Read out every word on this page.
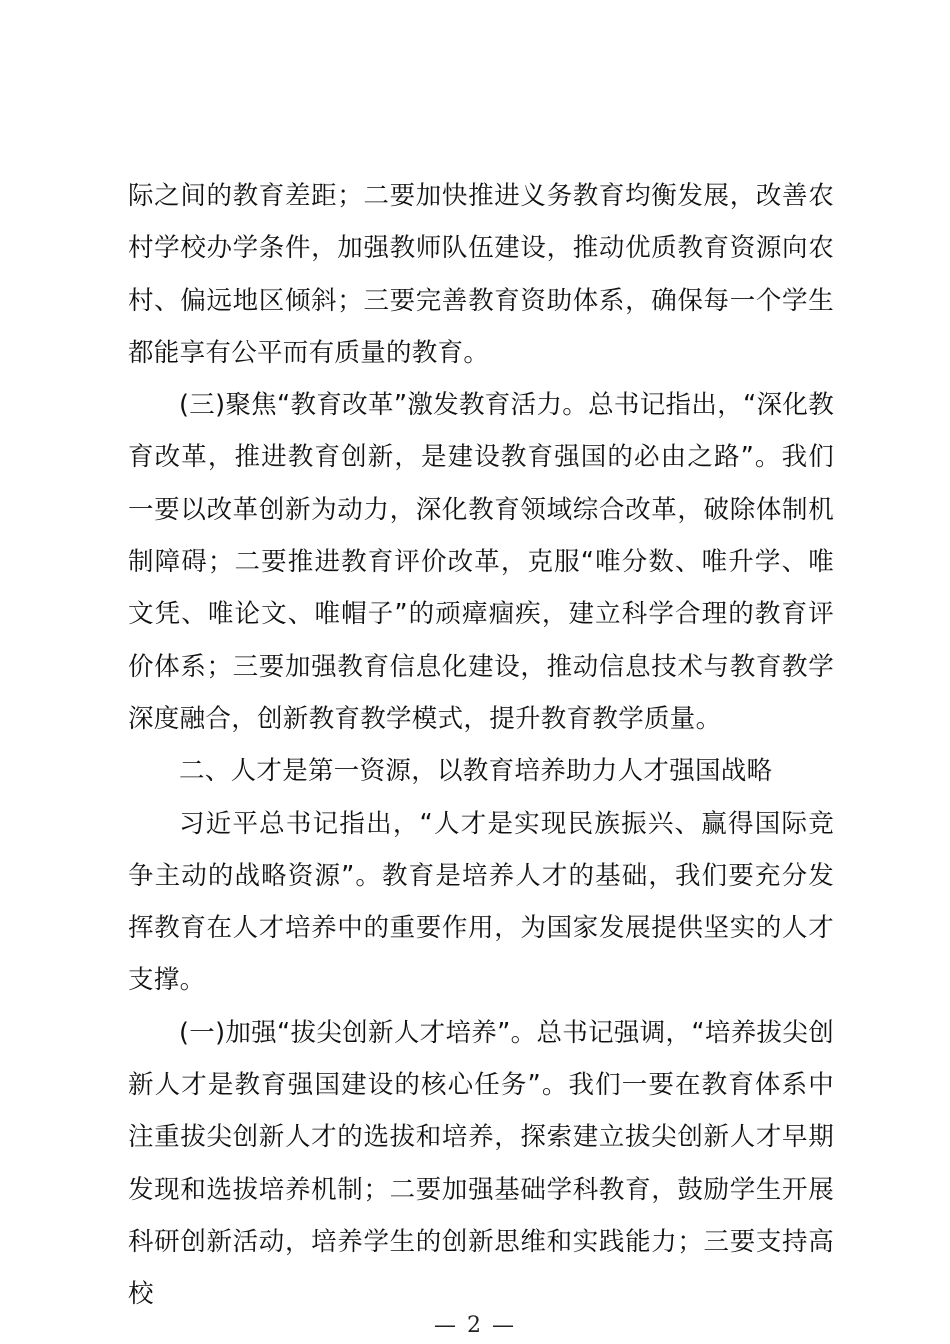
际之间的教育差距；二要加快推进义务教育均衡发展，改善农村学校办学条件，加强教师队伍建设，推动优质教育资源向农村、偏远地区倾斜；三要完善教育资助体系，确保每一个学生都能享有公平而有质量的教育。

(三)聚焦“教育改革”激发教育活力。总书记指出，“深化教育改革，推进教育创新，是建设教育强国的必由之路”。我们一要以改革创新为动力，深化教育领域综合改革，破除体制机制障碍；二要推进教育评价改革，克服“唯分数、唯升学、唯文凭、唯论文、唯帽子”的顽瘴痼疾，建立科学合理的教育评价体系；三要加强教育信息化建设，推动信息技术与教育教学深度融合，创新教育教学模式，提升教育教学质量。

二、人才是第一资源，以教育培养助力人才强国战略

习近平总书记指出，“人才是实现民族振兴、赢得国际竞争主动的战略资源”。教育是培养人才的基础，我们要充分发挥教育在人才培养中的重要作用，为国家发展提供坚实的人才支撑。

(一)加强“拔尖创新人才培养”。总书记强调，“培养拔尖创新人才是教育强国建设的核心任务”。我们一要在教育体系中注重拔尖创新人才的选拔和培养，探索建立拔尖创新人才早期发现和选拔培养机制；二要加强基础学科教育，鼓励学生开展科研创新活动，培养学生的创新思维和实践能力；三要支持高校

— 2 —
